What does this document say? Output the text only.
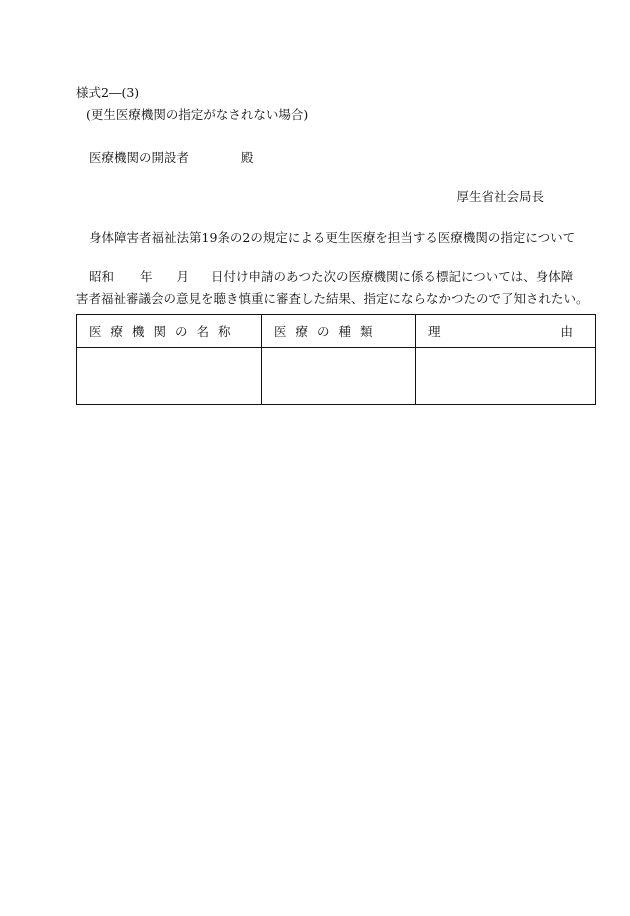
様式2―(3)
(更生医療機関の指定がなされない場合)
医療機関の開設者	殿
厚生省社会局長
身体障害者福祉法第19条の2の規定による更生医療を担当する医療機関の指定について
昭和 年 月 日付け申請のあつた次の医療機関に係る標記については、身体障
害者福祉審議会の意見を聴き慎重に審査した結果、指定にならなかつたので了知されたい。
医療機関の名称	医療の種類	理 由
